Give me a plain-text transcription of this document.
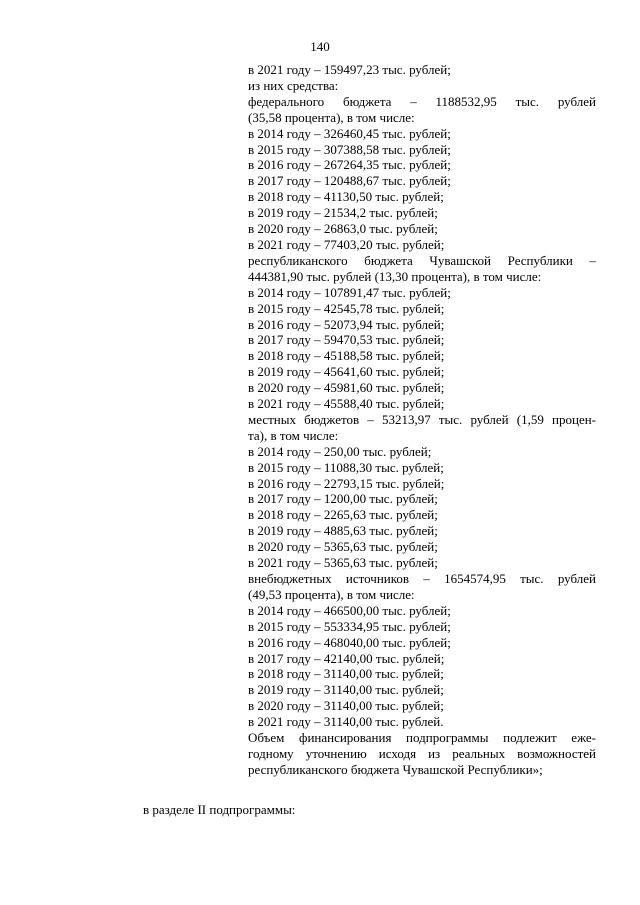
140
в 2021 году – 159497,23 тыс. рублей;
из них средства:
федерального бюджета – 1188532,95 тыс. рублей
(35,58 процента), в том числе:
в 2014 году – 326460,45 тыс. рублей;
в 2015 году – 307388,58 тыс. рублей;
в 2016 году – 267264,35 тыс. рублей;
в 2017 году – 120488,67 тыс. рублей;
в 2018 году – 41130,50 тыс. рублей;
в 2019 году – 21534,2 тыс. рублей;
в 2020 году – 26863,0 тыс. рублей;
в 2021 году – 77403,20 тыс. рублей;
республиканского бюджета Чувашской Республики –
444381,90 тыс. рублей (13,30 процента), в том числе:
в 2014 году – 107891,47 тыс. рублей;
в 2015 году – 42545,78 тыс. рублей;
в 2016 году – 52073,94 тыс. рублей;
в 2017 году – 59470,53 тыс. рублей;
в 2018 году – 45188,58 тыс. рублей;
в 2019 году – 45641,60 тыс. рублей;
в 2020 году – 45981,60 тыс. рублей;
в 2021 году – 45588,40 тыс. рублей;
местных бюджетов – 53213,97 тыс. рублей (1,59 процен-
та), в том числе:
в 2014 году – 250,00 тыс. рублей;
в 2015 году – 11088,30 тыс. рублей;
в 2016 году – 22793,15 тыс. рублей;
в 2017 году – 1200,00 тыс. рублей;
в 2018 году – 2265,63 тыс. рублей;
в 2019 году – 4885,63 тыс. рублей;
в 2020 году – 5365,63 тыс. рублей;
в 2021 году – 5365,63 тыс. рублей;
внебюджетных источников – 1654574,95 тыс. рублей
(49,53 процента), в том числе:
в 2014 году – 466500,00 тыс. рублей;
в 2015 году – 553334,95 тыс. рублей;
в 2016 году – 468040,00 тыс. рублей;
в 2017 году – 42140,00 тыс. рублей;
в 2018 году – 31140,00 тыс. рублей;
в 2019 году – 31140,00 тыс. рублей;
в 2020 году – 31140,00 тыс. рублей;
в 2021 году – 31140,00 тыс. рублей.
Объем финансирования подпрограммы подлежит еже-
годному уточнению исходя из реальных возможностей
республиканского бюджета Чувашской Республики»;
в разделе II подпрограммы:
